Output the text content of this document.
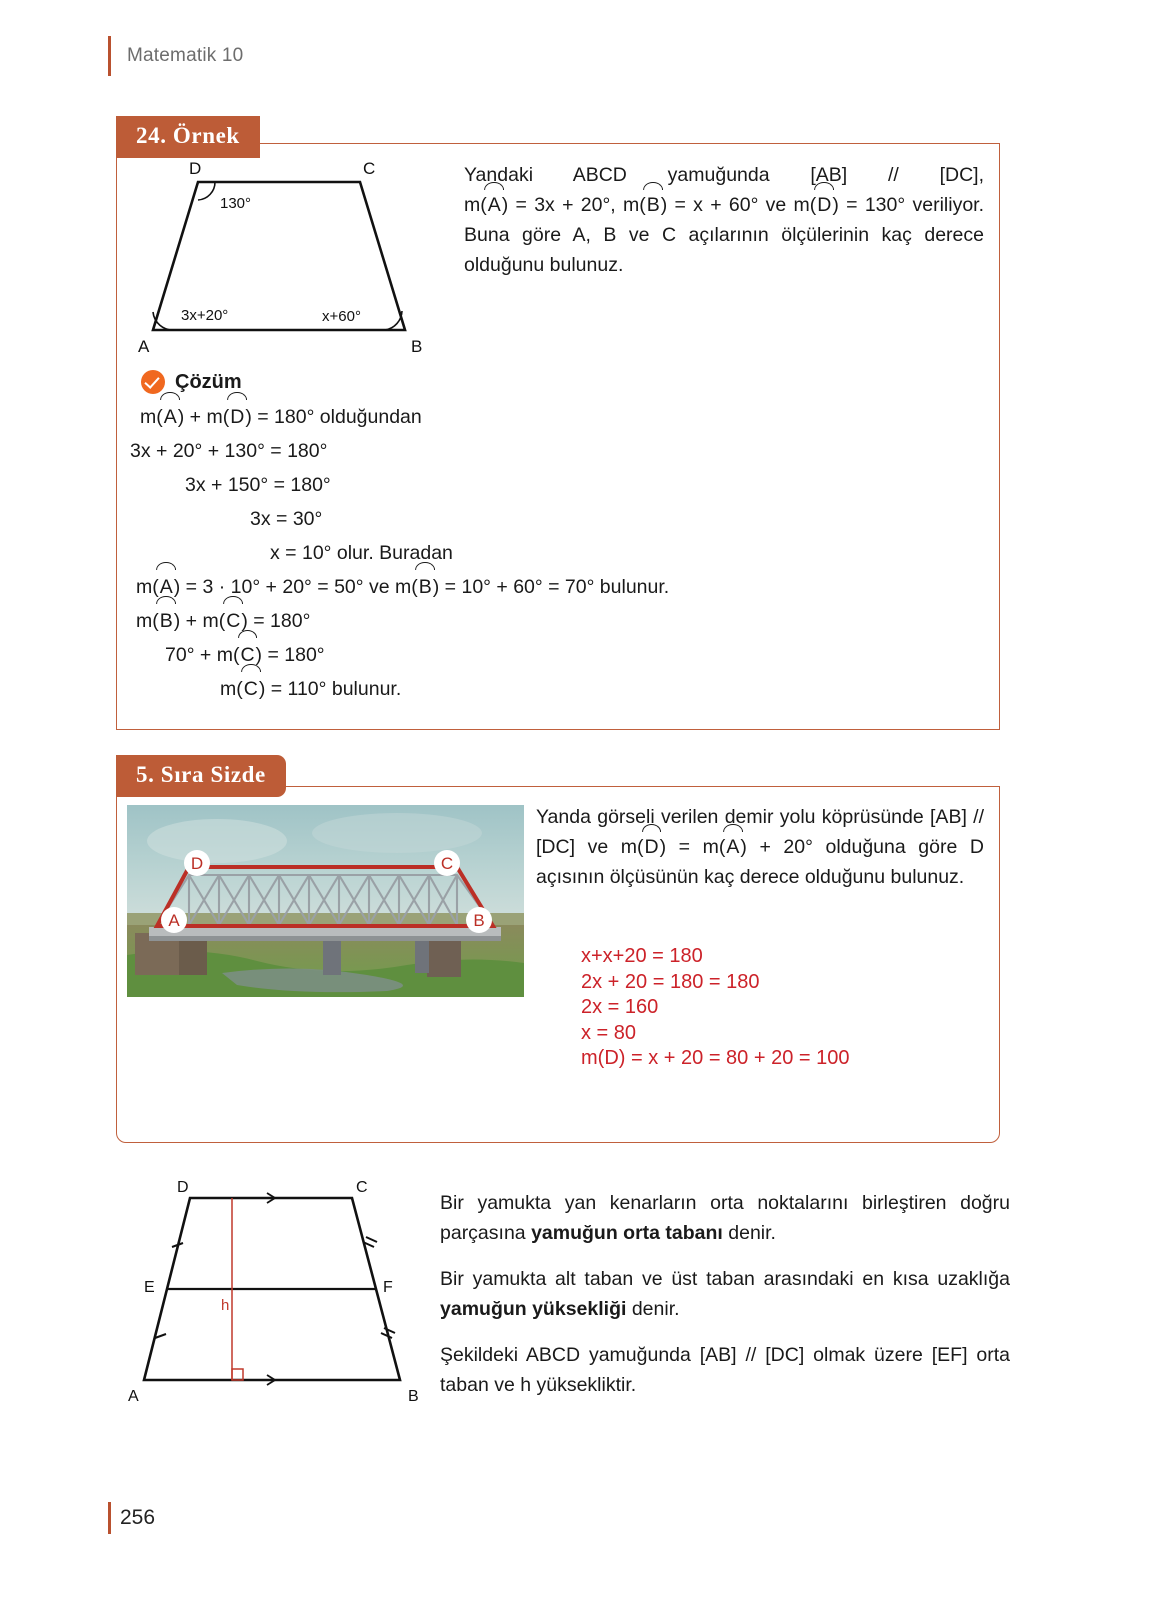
Matematik 10
24. Örnek
D	C
A	B
130°
3x+20°	x+60°
Yandaki ABCD yamuğunda [AB] // [DC], m(
A) = 3x + 20°, m(
B) = x + 60° ve m(
D) = 130° veriliyor. Buna göre A, B ve C açılarının ölçülerinin kaç derece olduğunu bulunuz.
Çözüm
m(
A) + m(
D) = 180° olduğundan
3x + 20° + 130° = 180°
3x + 150° = 180°
3x = 30°
x = 10° olur. Buradan
m(
A) = 3 · 10° + 20° = 50° ve m(
B) = 10° + 60° = 70° bulunur.
m(
B) + m(
C) = 180°
70° + m(
C) = 180°
m(
C) = 110° bulunur.
5. Sıra Sizde
A	B
C
D
Yanda görseli verilen demir yolu köprüsünde [AB] // [DC] ve m(
D) = m(
A) + 20° olduğuna göre D açısının ölçüsünün kaç derece olduğunu bulunuz.
x+x+20 = 180
2x + 20 = 180 = 180
2x = 160
x = 80
m(D) = x + 20 = 80 + 20 = 100
D	C
A	B
E	F
h

Bir yamukta yan kenarların orta noktalarını birleştiren doğru parçasına yamuğun orta tabanı denir.

Bir yamukta alt taban ve üst taban arasındaki en kısa uzaklığa yamuğun yüksekliği denir.

Şekildeki ABCD yamuğunda [AB] // [DC] olmak üzere [EF] orta taban ve h yüksekliktir.

256
